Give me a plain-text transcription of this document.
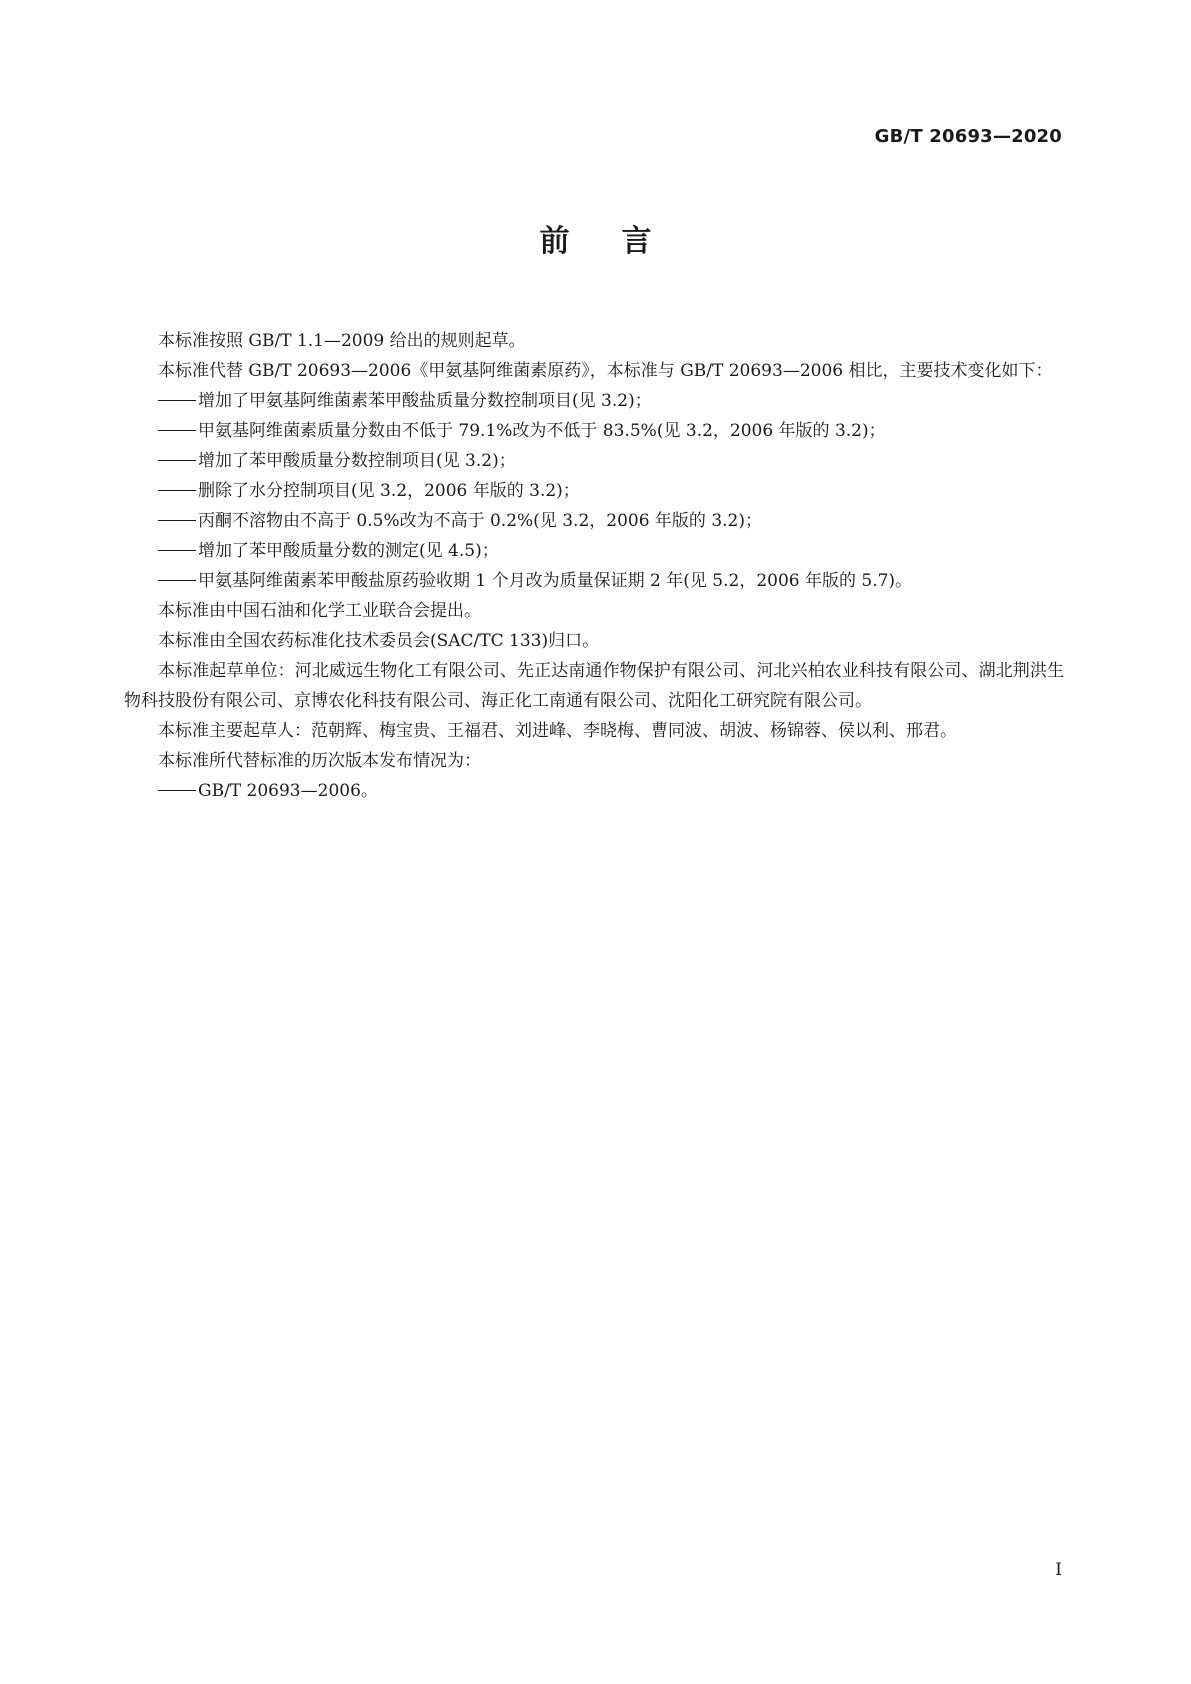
GB/T 20693—2020
前言

本标准按照 GB/T 1.1—2009 给出的规则起草。

本标准代替 GB/T 20693—2006《甲氨基阿维菌素原药》，本标准与 GB/T 20693—2006 相比，主要技术变化如下：

增加了甲氨基阿维菌素苯甲酸盐质量分数控制项目(见 3.2)；

甲氨基阿维菌素质量分数由不低于 79.1%改为不低于 83.5%(见 3.2，2006 年版的 3.2)；

增加了苯甲酸质量分数控制项目(见 3.2)；

删除了水分控制项目(见 3.2，2006 年版的 3.2)；

丙酮不溶物由不高于 0.5%改为不高于 0.2%(见 3.2，2006 年版的 3.2)；

增加了苯甲酸质量分数的测定(见 4.5)；

甲氨基阿维菌素苯甲酸盐原药验收期 1 个月改为质量保证期 2 年(见 5.2，2006 年版的 5.7)。

本标准由中国石油和化学工业联合会提出。

本标准由全国农药标准化技术委员会(SAC/TC 133)归口。

本标准起草单位：河北威远生物化工有限公司、先正达南通作物保护有限公司、河北兴柏农业科技有限公司、湖北荆洪生物科技股份有限公司、京博农化科技有限公司、海正化工南通有限公司、沈阳化工研究院有限公司。

本标准主要起草人：范朝辉、梅宝贵、王福君、刘进峰、李晓梅、曹同波、胡波、杨锦蓉、侯以利、邢君。

本标准所代替标准的历次版本发布情况为：

GB/T 20693—2006。

I
